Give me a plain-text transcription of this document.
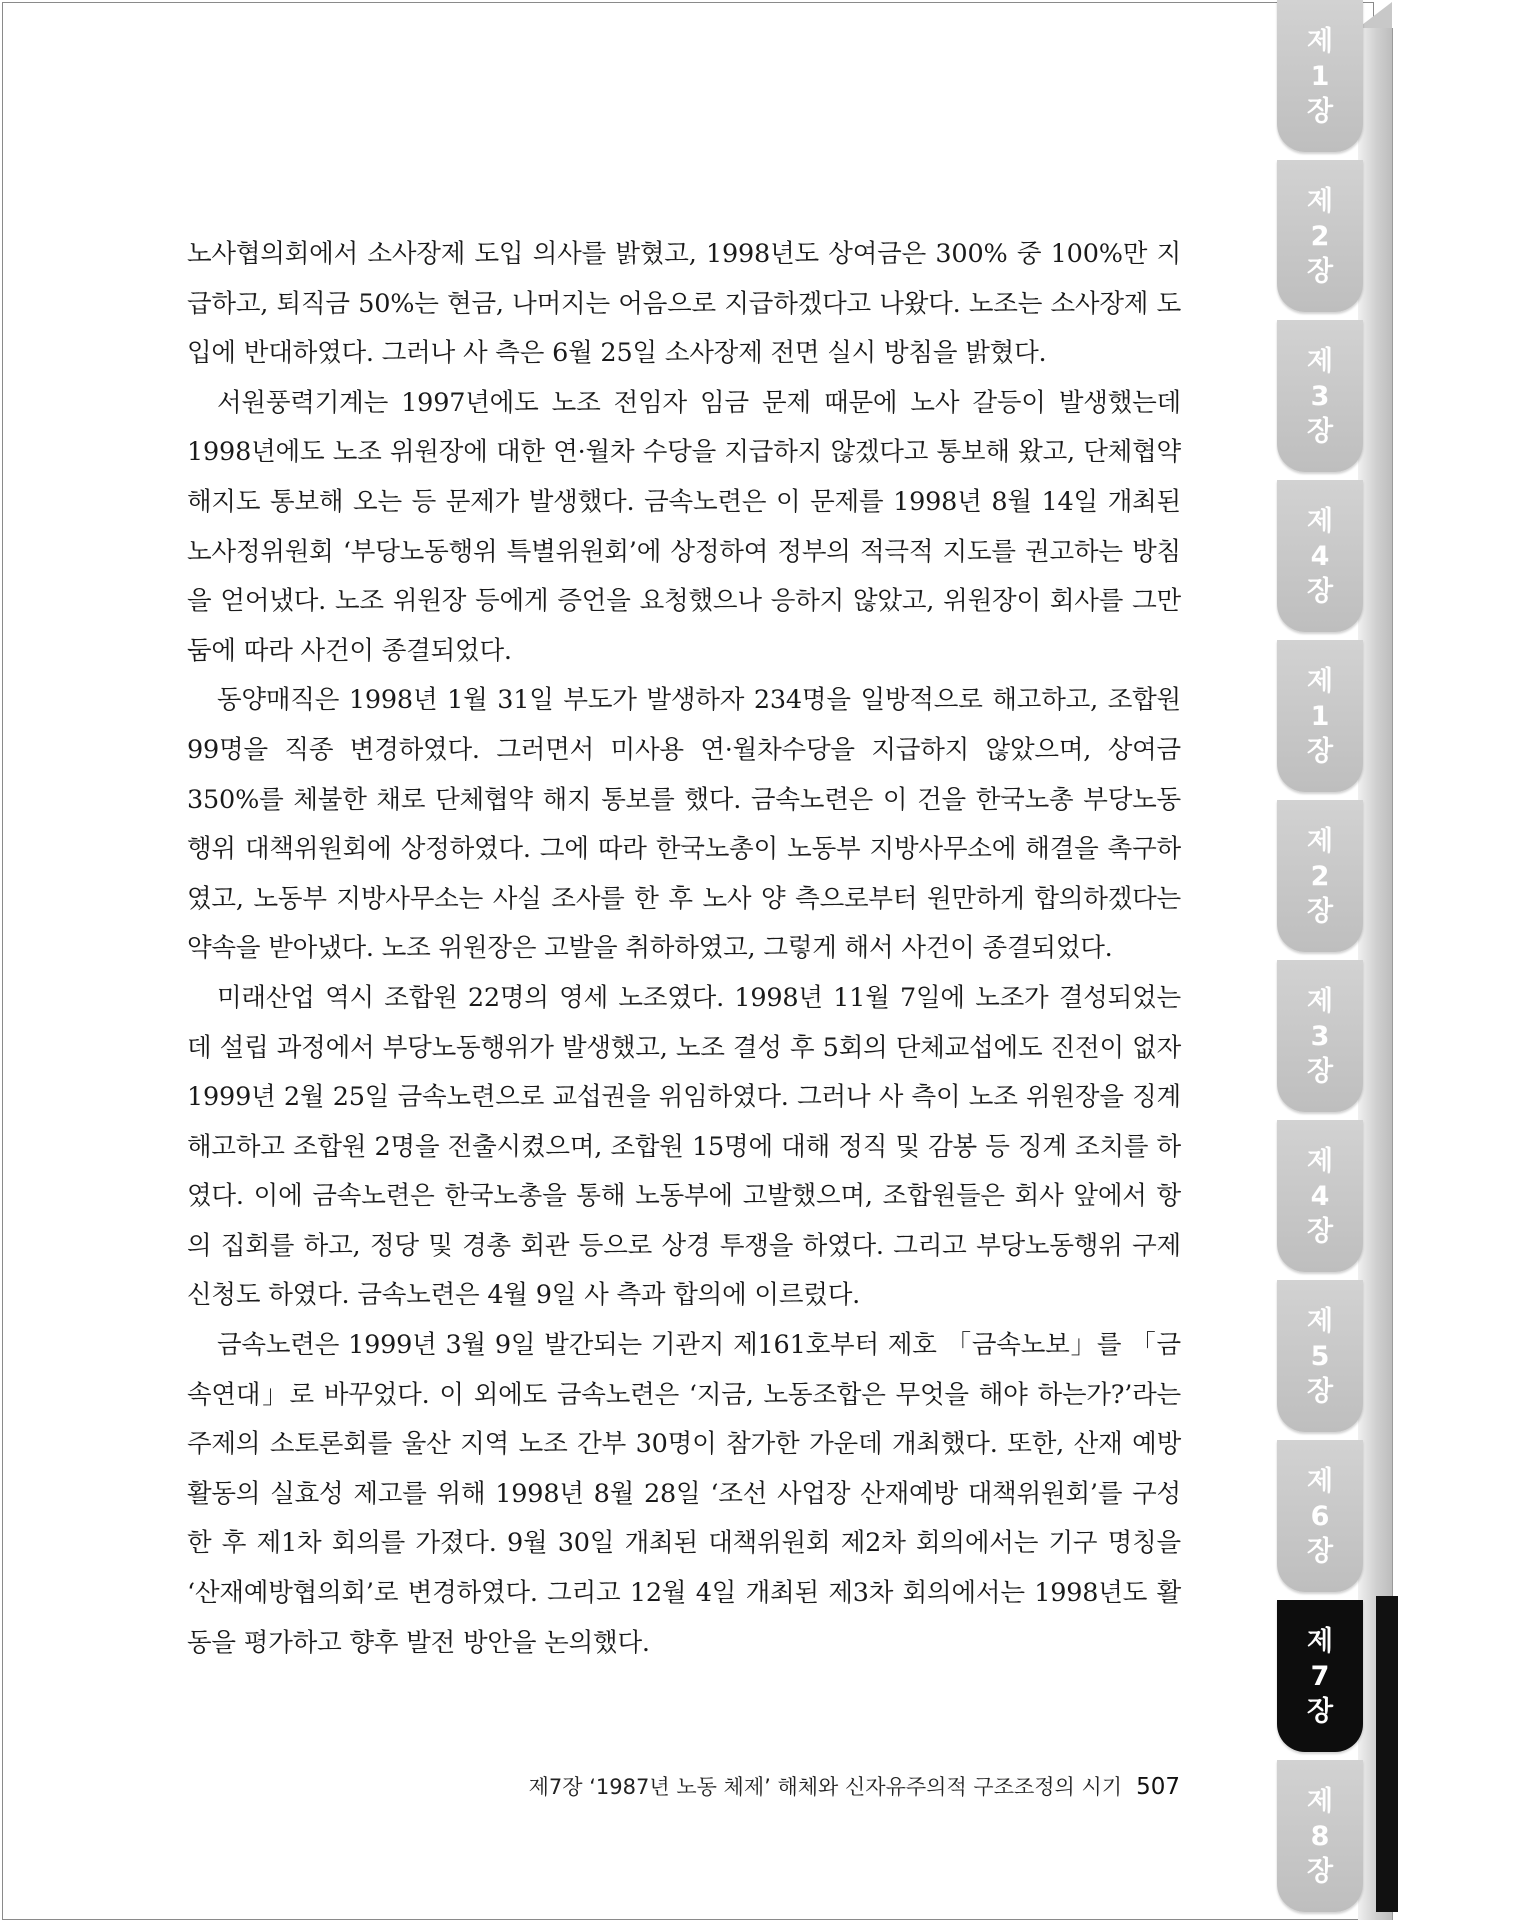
노사협의회에서 소사장제 도입 의사를 밝혔고, 1998년도 상여금은 300% 중 100%만 지급하고, 퇴직금 50%는 현금, 나머지는 어음으로 지급하겠다고 나왔다. 노조는 소사장제 도입에 반대하였다. 그러나 사 측은 6월 25일 소사장제 전면 실시 방침을 밝혔다.

서원풍력기계는 1997년에도 노조 전임자 임금 문제 때문에 노사 갈등이 발생했는데 1998년에도 노조 위원장에 대한 연·월차 수당을 지급하지 않겠다고 통보해 왔고, 단체협약 해지도 통보해 오는 등 문제가 발생했다. 금속노련은 이 문제를 1998년 8월 14일 개최된 노사정위원회 ‘부당노동행위 특별위원회’에 상정하여 정부의 적극적 지도를 권고하는 방침을 얻어냈다. 노조 위원장 등에게 증언을 요청했으나 응하지 않았고, 위원장이 회사를 그만둠에 따라 사건이 종결되었다.

동양매직은 1998년 1월 31일 부도가 발생하자 234명을 일방적으로 해고하고, 조합원 99명을 직종 변경하였다. 그러면서 미사용 연·월차수당을 지급하지 않았으며, 상여금 350%를 체불한 채로 단체협약 해지 통보를 했다. 금속노련은 이 건을 한국노총 부당노동행위 대책위원회에 상정하였다. 그에 따라 한국노총이 노동부 지방사무소에 해결을 촉구하였고, 노동부 지방사무소는 사실 조사를 한 후 노사 양 측으로부터 원만하게 합의하겠다는 약속을 받아냈다. 노조 위원장은 고발을 취하하였고, 그렇게 해서 사건이 종결되었다.

미래산업 역시 조합원 22명의 영세 노조였다. 1998년 11월 7일에 노조가 결성되었는데 설립 과정에서 부당노동행위가 발생했고, 노조 결성 후 5회의 단체교섭에도 진전이 없자 1999년 2월 25일 금속노련으로 교섭권을 위임하였다. 그러나 사 측이 노조 위원장을 징계해고하고 조합원 2명을 전출시켰으며, 조합원 15명에 대해 정직 및 감봉 등 징계 조치를 하였다. 이에 금속노련은 한국노총을 통해 노동부에 고발했으며, 조합원들은 회사 앞에서 항의 집회를 하고, 정당 및 경총 회관 등으로 상경 투쟁을 하였다. 그리고 부당노동행위 구제신청도 하였다. 금속노련은 4월 9일 사 측과 합의에 이르렀다.

금속노련은 1999년 3월 9일 발간되는 기관지 제161호부터 제호 「금속노보」를 「금속연대」로 바꾸었다. 이 외에도 금속노련은 ‘지금, 노동조합은 무엇을 해야 하는가?’라는 주제의 소토론회를 울산 지역 노조 간부 30명이 참가한 가운데 개최했다. 또한, 산재 예방 활동의 실효성 제고를 위해 1998년 8월 28일 ‘조선 사업장 산재예방 대책위원회’를 구성한 후 제1차 회의를 가졌다. 9월 30일 개최된 대책위원회 제2차 회의에서는 기구 명칭을 ‘산재예방협의회’로 변경하였다. 그리고 12월 4일 개최된 제3차 회의에서는 1998년도 활동을 평가하고 향후 발전 방안을 논의했다.

제
1
장
제
2
장
제
3
장
제
4
장
제
1
장
제
2
장
제
3
장
제
4
장
제
5
장
제
6
장
제
7
장
제
8
장
제7장 ‘1987년 노동 체제’ 해체와 신자유주의적 구조조정의 시기 507
